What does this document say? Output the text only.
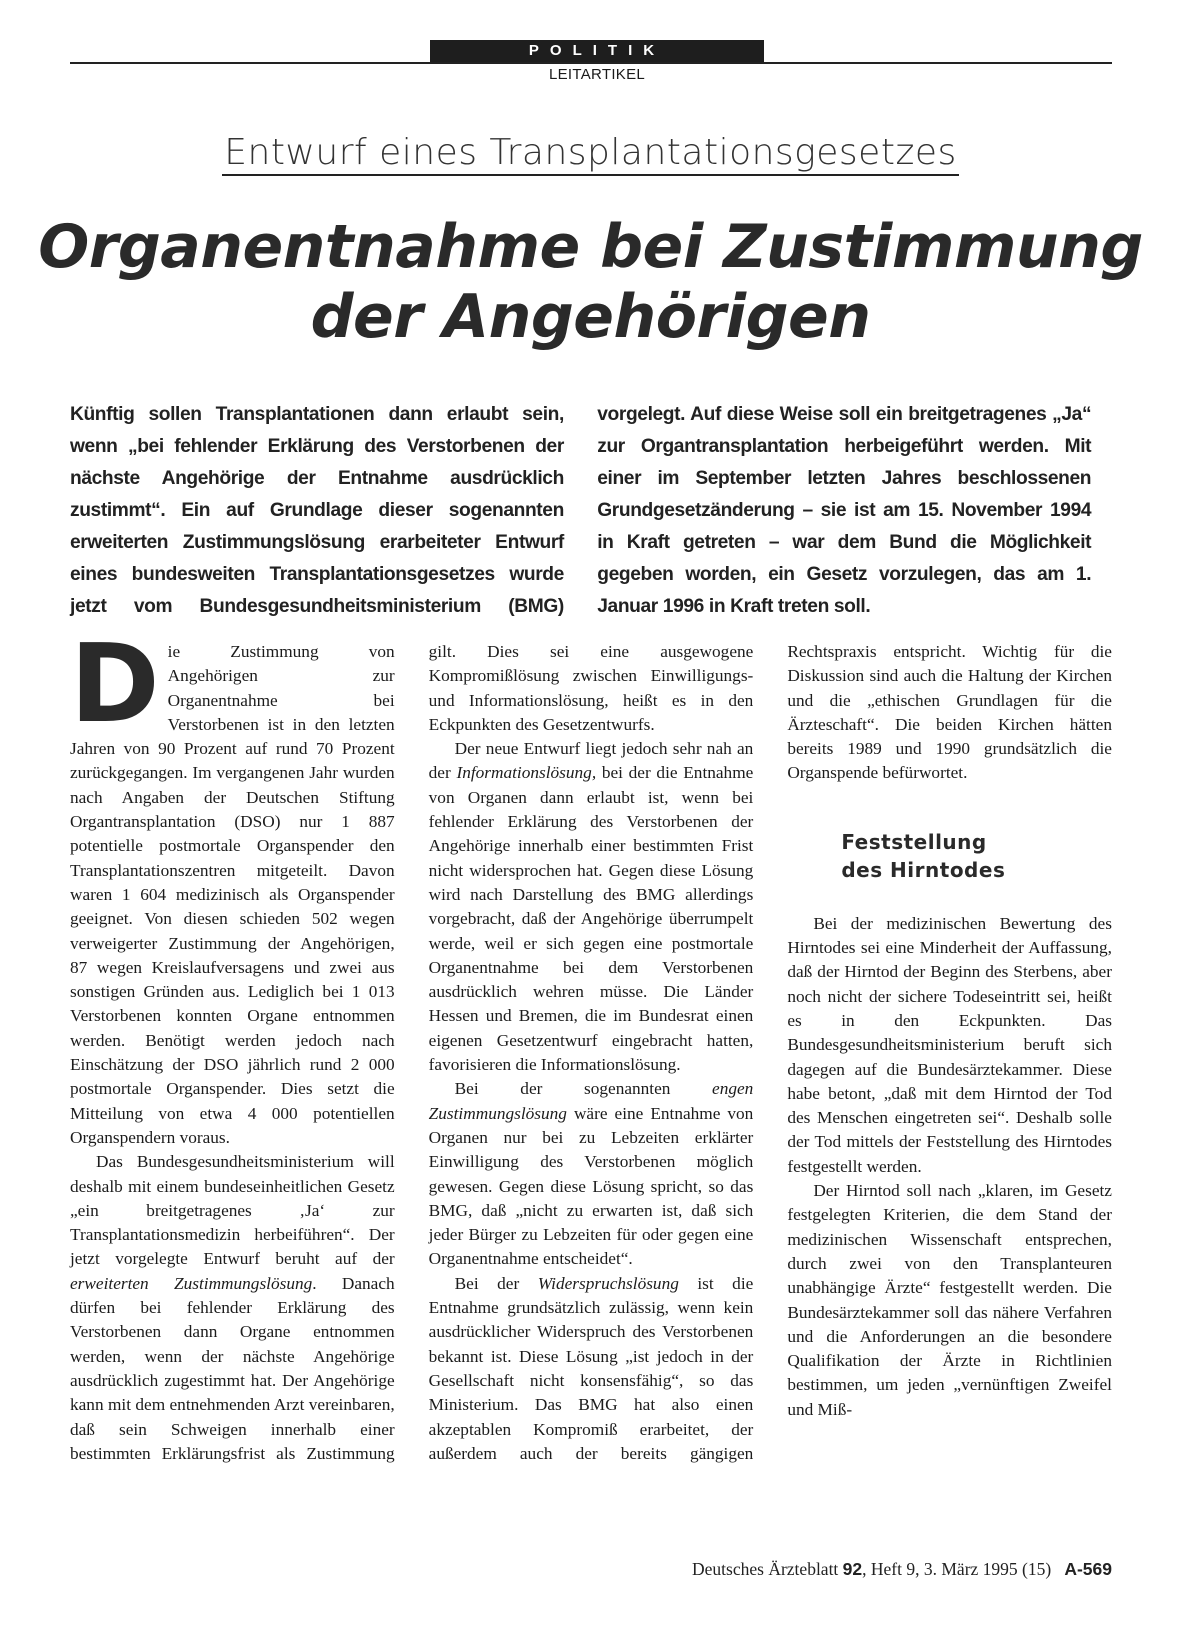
POLITIK
LEITARTIKEL
Entwurf eines Transplantationsgesetzes
Organentnahme bei Zustimmung
der Angehörigen
Künftig sollen Transplantationen dann erlaubt sein, wenn „bei fehlender Erklärung des Verstorbenen der nächste Angehörige der Entnahme ausdrücklich zustimmt“. Ein auf Grundlage dieser sogenannten erweiterten Zustimmungslösung erarbeiteter Entwurf eines bundesweiten Transplantationsgesetzes wurde jetzt vom Bundesgesundheitsministerium (BMG) vorgelegt. Auf diese Weise soll ein breitgetragenes „Ja“ zur Organtransplantation herbeigeführt werden. Mit einer im September letzten Jahres beschlossenen Grundgesetzänderung – sie ist am 15. November 1994 in Kraft getreten – war dem Bund die Möglichkeit gegeben worden, ein Gesetz vorzulegen, das am 1. Januar 1996 in Kraft treten soll.

Die Zustimmung von Angehörigen zur Organentnahme bei Verstorbenen ist in den letzten Jahren von 90 Prozent auf rund 70 Prozent zurückgegangen. Im vergangenen Jahr wurden nach Angaben der Deutschen Stiftung Organtransplantation (DSO) nur 1 887 potentielle postmortale Organspender den Transplantationszentren mitgeteilt. Davon waren 1 604 medizinisch als Organspender geeignet. Von diesen schieden 502 wegen verweigerter Zustimmung der Angehörigen, 87 wegen Kreislaufversagens und zwei aus sonstigen Gründen aus. Lediglich bei 1 013 Verstorbenen konnten Organe entnommen werden. Benötigt werden jedoch nach Einschätzung der DSO jährlich rund 2 000 postmortale Organspender. Dies setzt die Mitteilung von etwa 4 000 potentiellen Organspendern voraus.

Das Bundesgesundheitsministerium will deshalb mit einem bundeseinheitlichen Gesetz „ein breitgetragenes ‚Ja‘ zur Transplantationsmedizin herbeiführen“. Der jetzt vorgelegte Entwurf beruht auf der erweiterten Zustimmungslösung. Danach dürfen bei fehlender Erklärung des Verstorbenen dann Organe entnommen werden, wenn der nächste Angehörige ausdrücklich zugestimmt hat. Der Angehörige kann mit dem entnehmenden Arzt vereinbaren, daß sein Schweigen innerhalb einer bestimmten Erklärungsfrist als Zustimmung gilt. Dies sei eine ausgewogene Kompromißlösung zwischen Einwilligungs- und Informationslösung, heißt es in den Eckpunkten des Gesetzentwurfs.

Der neue Entwurf liegt jedoch sehr nah an der Informationslösung, bei der die Entnahme von Organen dann erlaubt ist, wenn bei fehlender Erklärung des Verstorbenen der Angehörige innerhalb einer bestimmten Frist nicht widersprochen hat. Gegen diese Lösung wird nach Darstellung des BMG allerdings vorgebracht, daß der Angehörige überrumpelt werde, weil er sich gegen eine postmortale Organentnahme bei dem Verstorbenen ausdrücklich wehren müsse. Die Länder Hessen und Bremen, die im Bundesrat einen eigenen Gesetzentwurf eingebracht hatten, favorisieren die Informationslösung.

Bei der sogenannten engen Zustimmungslösung wäre eine Entnahme von Organen nur bei zu Lebzeiten erklärter Einwilligung des Verstorbenen möglich gewesen. Gegen diese Lösung spricht, so das BMG, daß „nicht zu erwarten ist, daß sich jeder Bürger zu Lebzeiten für oder gegen eine Organentnahme entscheidet“.

Bei der Widerspruchslösung ist die Entnahme grundsätzlich zulässig, wenn kein ausdrücklicher Widerspruch des Verstorbenen bekannt ist. Diese Lösung „ist jedoch in der Gesellschaft nicht konsensfähig“, so das Ministerium. Das BMG hat also einen akzeptablen Kompromiß erarbeitet, der außerdem auch der bereits gängigen Rechtspraxis entspricht. Wichtig für die Diskussion sind auch die Haltung der Kirchen und die „ethischen Grundlagen für die Ärzteschaft“. Die beiden Kirchen hätten bereits 1989 und 1990 grundsätzlich die Organspende befürwortet.

Feststellung
des Hirntodes

Bei der medizinischen Bewertung des Hirntodes sei eine Minderheit der Auffassung, daß der Hirntod der Beginn des Sterbens, aber noch nicht der sichere Todeseintritt sei, heißt es in den Eckpunkten. Das Bundesgesundheitsministerium beruft sich dagegen auf die Bundesärztekammer. Diese habe betont, „daß mit dem Hirntod der Tod des Menschen eingetreten sei“. Deshalb solle der Tod mittels der Feststellung des Hirntodes festgestellt werden.

Der Hirntod soll nach „klaren, im Gesetz festgelegten Kriterien, die dem Stand der medizinischen Wissenschaft entsprechen, durch zwei von den Transplanteuren unabhängige Ärzte“ festgestellt werden. Die Bundesärztekammer soll das nähere Verfahren und die Anforderungen an die besondere Qualifikation der Ärzte in Richtlinien bestimmen, um jeden „vernünftigen Zweifel und Miß-

Deutsches Ärzteblatt 92, Heft 9, 3. März 1995 (15) A-569
